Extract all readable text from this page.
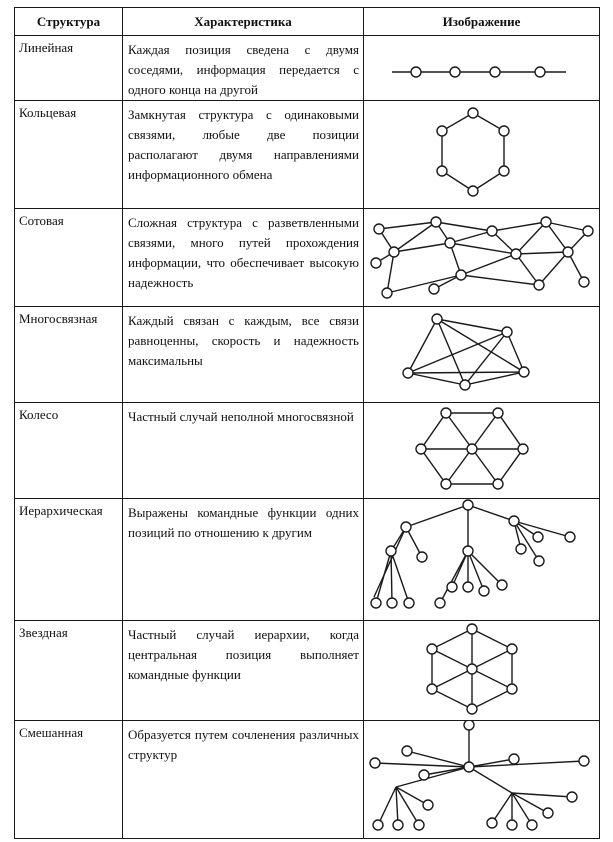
Структура	Характеристика	Изображение
Линейная	Каждая позиция сведена с двумя соседями, информация передается с одного конца на другой	

Кольцевая	Замкнутая структура с одинаковыми связями, любые две позиции располагают двумя направлениями информационного обмена	

Сотовая	Сложная структура с разветвленными связями, много путей прохождения информации, что обеспечивает высокую надежность	

Многосвязная	Каждый связан с каждым, все связи равноценны, скорость и надежность максимальны	

Колесо	Частный случай неполной многосвязной	

Иерархическая	Выражены командные функции одних позиций по отношению к другим	

Звездная	Частный случай иерархии, когда центральная позиция выполняет командные функции	

Смешанная	Образуется путем сочленения различных структур	
